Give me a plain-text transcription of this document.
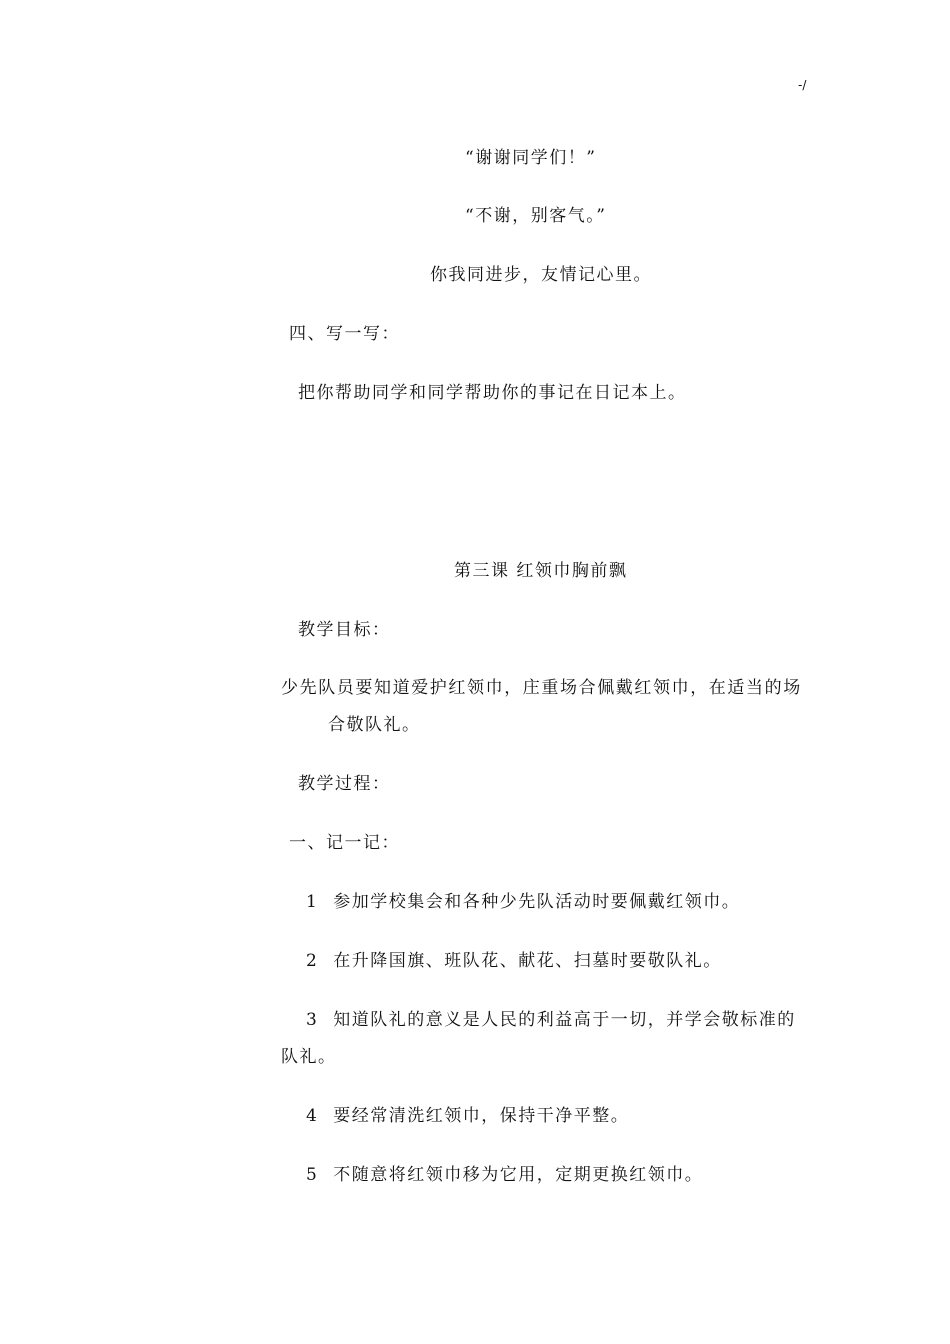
-/
“谢谢同学们！”
“不谢，别客气。”
你我同进步，友情记心里。
四、写一写：
把你帮助同学和同学帮助你的事记在日记本上。
第三课 红领巾胸前飘
教学目标：
少先队员要知道爱护红领巾，庄重场合佩戴红领巾，在适当的场
合敬队礼。
教学过程：
一、记一记：
1 参加学校集会和各种少先队活动时要佩戴红领巾。
2 在升降国旗、班队花、献花、扫墓时要敬队礼。
3 知道队礼的意义是人民的利益高于一切，并学会敬标准的
队礼。
4 要经常清洗红领巾，保持干净平整。
5 不随意将红领巾移为它用，定期更换红领巾。
